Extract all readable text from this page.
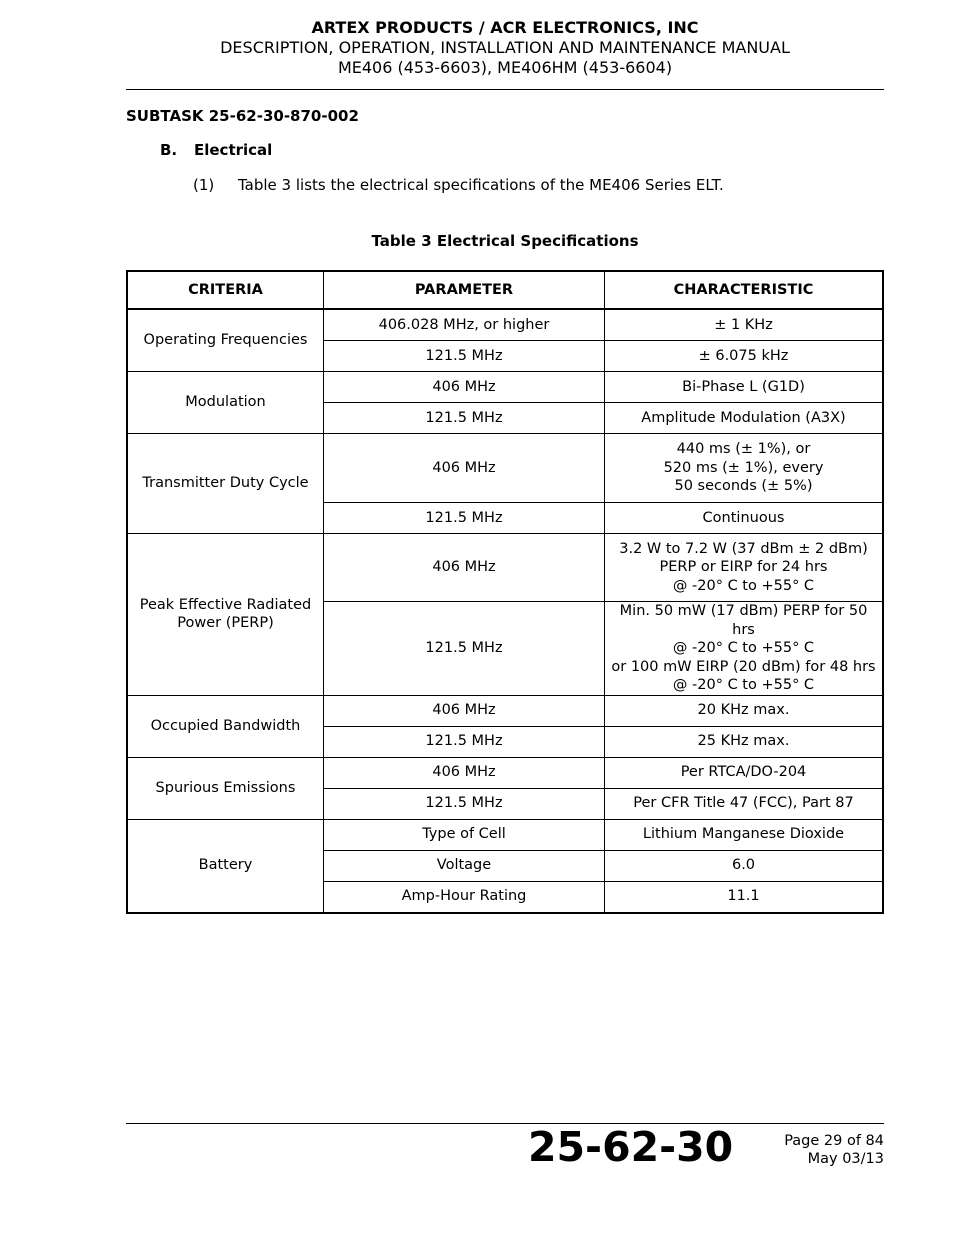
ARTEX PRODUCTS / ACR ELECTRONICS, INC
DESCRIPTION, OPERATION, INSTALLATION AND MAINTENANCE MANUAL
ME406 (453-6603), ME406HM (453-6604)
SUBTASK 25-62-30-870-002
B. Electrical
(1) Table 3 lists the electrical specifications of the ME406 Series ELT.
Table 3 Electrical Specifications
CRITERIA	PARAMETER	CHARACTERISTIC
Operating Frequencies	406.028 MHz, or higher	± 1 KHz
	121.5 MHz	± 6.075 kHz
Modulation	406 MHz	Bi-Phase L (G1D)
	121.5 MHz	Amplitude Modulation (A3X)
Transmitter Duty Cycle	406 MHz	440 ms (± 1%), or
520 ms (± 1%), every
50 seconds (± 5%)
	121.5 MHz	Continuous
Peak Effective Radiated
Power (PERP)	406 MHz	3.2 W to 7.2 W (37 dBm ± 2 dBm)
PERP or EIRP for 24 hrs
@ -20° C to +55° C
	121.5 MHz	Min. 50 mW (17 dBm) PERP for 50 hrs
@ -20° C to +55° C
or 100 mW EIRP (20 dBm) for 48 hrs
@ -20° C to +55° C
Occupied Bandwidth	406 MHz	20 KHz max.
	121.5 MHz	25 KHz max.
Spurious Emissions	406 MHz	Per RTCA/DO-204
	121.5 MHz	Per CFR Title 47 (FCC), Part 87
Battery	Type of Cell	Lithium Manganese Dioxide
	Voltage	6.0
	Amp-Hour Rating	11.1
25-62-30	Page 29 of 84
May 03/13
